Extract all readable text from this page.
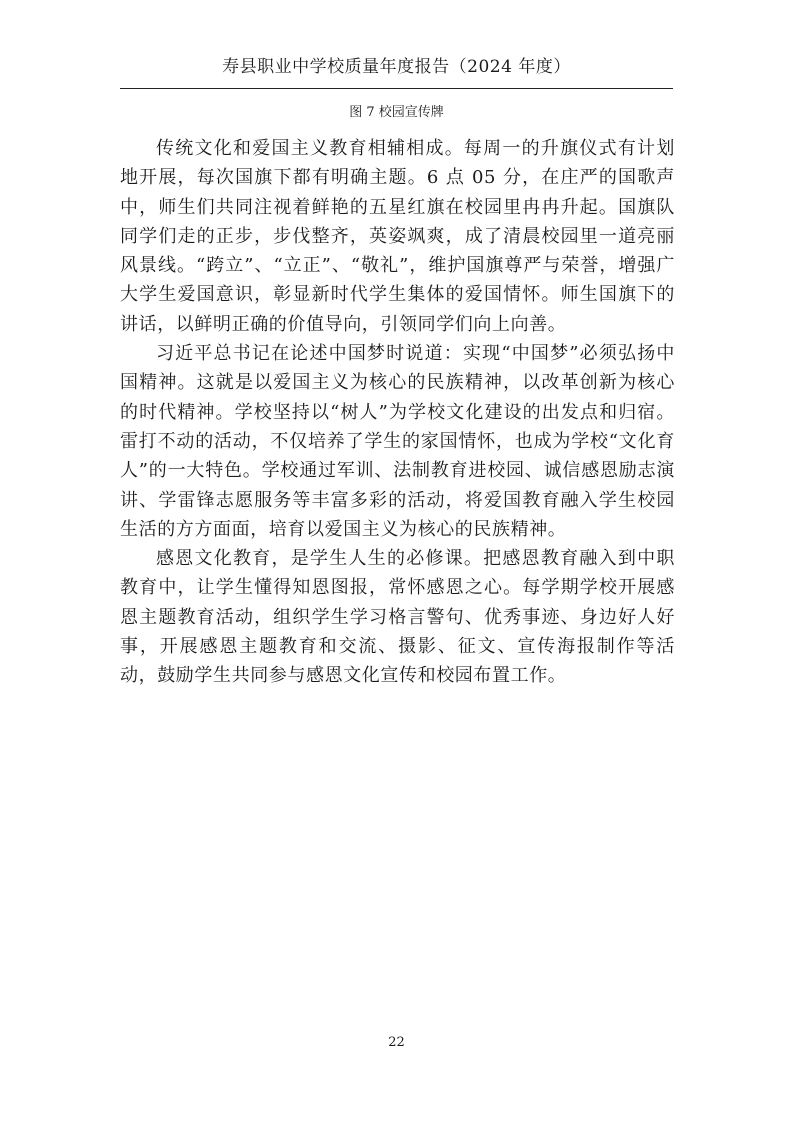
寿县职业中学校质量年度报告（2024 年度）
图 7 校园宣传牌

传统文化和爱国主义教育相辅相成。每周一的升旗仪式有计划地开展，每次国旗下都有明确主题。6 点 05 分，在庄严的国歌声中，师生们共同注视着鲜艳的五星红旗在校园里冉冉升起。国旗队同学们走的正步，步伐整齐，英姿飒爽，成了清晨校园里一道亮丽风景线。“跨立”、“立正”、“敬礼”，维护国旗尊严与荣誉，增强广大学生爱国意识，彰显新时代学生集体的爱国情怀。师生国旗下的讲话，以鲜明正确的价值导向，引领同学们向上向善。

习近平总书记在论述中国梦时说道：实现“中国梦”必须弘扬中国精神。这就是以爱国主义为核心的民族精神，以改革创新为核心的时代精神。学校坚持以“树人”为学校文化建设的出发点和归宿。雷打不动的活动，不仅培养了学生的家国情怀，也成为学校“文化育人”的一大特色。学校通过军训、法制教育进校园、诚信感恩励志演讲、学雷锋志愿服务等丰富多彩的活动，将爱国教育融入学生校园生活的方方面面，培育以爱国主义为核心的民族精神。

感恩文化教育，是学生人生的必修课。把感恩教育融入到中职教育中，让学生懂得知恩图报，常怀感恩之心。每学期学校开展感恩主题教育活动，组织学生学习格言警句、优秀事迹、身边好人好事，开展感恩主题教育和交流、摄影、征文、宣传海报制作等活动，鼓励学生共同参与感恩文化宣传和校园布置工作。

22
